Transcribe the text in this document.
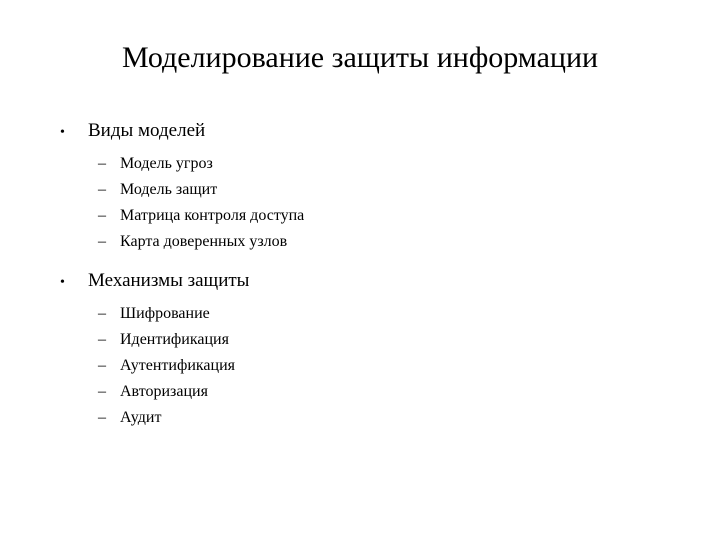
Моделирование защиты информации
•	Виды моделей
– Модель угроз
– Модель защит
– Матрица контроля доступа
– Карта доверенных узлов
•	Механизмы защиты
– Шифрование
– Идентификация
– Аутентификация
– Авторизация
– Аудит
